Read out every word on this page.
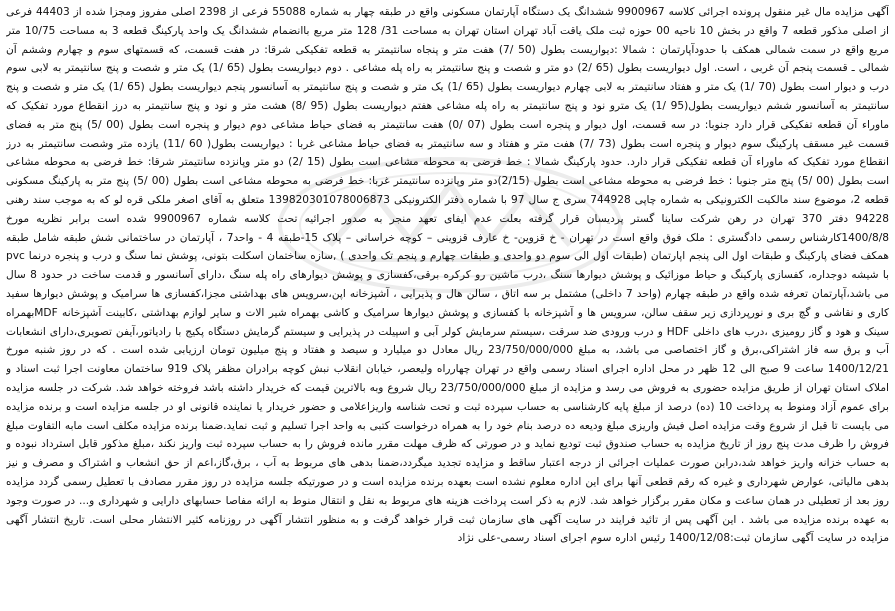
آگهی مزایده مال غیر منقول پرونده اجرائی کلاسه 9900967 ششدانگ یک دستگاه آپارتمان مسکونی واقع در طبقه چهار به شماره 55088 فرعی از 2398 اصلی مفروز ومجزا شده از 44403 فرعی از اصلی مذکور قطعه 7 واقع در بخش 10 ناحیه 00 حوزه ثبت ملک یاقت آباد تهران استان تهران به مساحت 31/ 128 متر مربع باانضمام ششدانگ یک واحد پارکینگ قطعه 3 به مساحت 10/75 متر مربع واقع در سمت شمالی همکف با حدودآپارتمان : شمالا :دیواریست بطول (50 /7) هفت متر و پنجاه سانتیمتر به قطعه تفکیکی شرقا: در هفت قسمت، که قسمتهای سوم و چهارم وششم آن شمالی ـ قسمت پنجم آن غربی ، است. اول دیواریست بطول (65 /2) دو متر و شصت و پنج سانتیمتر به راه پله مشاعی . دوم دیواریست بطول (65 /1) یک متر و شصت و پنج سانتیمتر به لابی سوم درب و دیوار است بطول (70 /1) یک متر و هفتاد سانتیمتر به لابی چهارم دیواریست بطول (65 /1) یک متر و شصت و پنج سانتیمتر به آسانسور پنجم دیواریست بطول (65 /1) یک متر و شصت و پنج سانتیمتر به آسانسور ششم دیواریست بطول(95 /1) یک مترو نود و پنج سانتیمتر به راه پله مشاعی هفتم دیواریست بطول (95 /8) هشت متر و نود و پنج سانتیمتر به درز انقطاع مورد تفکیک که ماوراء آن قطعه تفکیکی قرار دارد جنوبا: در سه قسمت، اول دیوار و پنجره است بطول (07 /0) هفت سانتیمتر به فضای حیاط مشاعی دوم دیوار و پنجره است بطول (00 /5) پنج متر به فضای قسمت غیر مسقف پارکینگ سوم دیوار و پنجره است بطول (73 /7) هفت متر و هفتاد و سه سانتیمتر به فضای حیاط مشاعی غربا : دیواریست بطول( 60 /11) یازده متر وشصت سانتیمتر به درز انقطاع مورد تفکیک که ماوراء آن قطعه تفکیکی قرار دارد. حدود پارکینگ شمالا : خط فرضی به محوطه مشاعی است بطول (15 /2) دو متر وپانزده سانتیمتر شرقا: خط فرضی به محوطه مشاعی است بطول (00 /5) پنج متر جنوبا : خط فرضی به محوطه مشاعی است بطول (2/15)دو متر وپانزده سانتیمتر غربا: خط فرضی به محوطه مشاعی است بطول (00 /5) پنج متر به پارکینگ مسکونی قطعه 2، موضوع سند مالکیت الکترونیکی به شماره چاپی 744928 سری ج سال 97 با شماره دفتر الکترونیکی 139820301078006873 متعلق به آقای اصغر ملکی قره لو که به موجب سند رهنی 94228 دفتر 370 تهران در رهن شرکت ساینا گستر پردیسان قرار گرفته بعلت عدم ایفای تعهد منجر به صدور اجرائیه تحت کلاسه شماره 9900967 شده است برابر نظریه مورخ 1400/8/8کارشناس رسمی دادگستری : ملک فوق واقع است در تهران - خ قزوین- خ عارف قزوینی – کوچه خراسانی – پلاک 15-طبقه 4 - واحد7 ، آپارتمان در ساختمانی شش طبقه شامل طبقه همکف فضای پارکینگ و طبقات اول الی پنجم اپارتمان (طبقات اول الی سوم دو واحدی و طبقات چهارم و پنجم تک واحدی ) ,سازه ساختمان اسکلت بتونی، پوشش نما سنگ و درب و پنجره درنما pvc با شیشه دوجداره، کفسازی پارکینگ و حیاط موزائیک و پوشش دیوارها سنگ ،درب ماشین رو کرکره برقی،کفسازی و پوشش دیوارهای راه پله سنگ ،دارای آسانسور و قدمت ساخت در حدود 8 سال می باشد،آپارتمان تعرفه شده واقع در طبقه چهارم (واحد 7 داخلی) مشتمل بر سه اتاق ، سالن هال و پذیرایی ، آشپزخانه اپن،سرویس های بهداشتی مجزا،کفسازی ها سرامیک و پوشش دیوارها سفید کاری و نقاشی و گچ بری و نورپردازی زیر سقف سالن، سرویس ها و آشپزخانه با کفسازی و پوشش دیوارها سرامیک و کاشی بهمراه شیر الات و سایر لوازم بهداشتی ،کابینت آشپزخانه MDFبهمراه سینک و هود و گاز رومیزی ،درب های داخلی HDF و درب ورودی ضد سرقت ،سیستم سرمایش کولر آبی و اسپیلت در پذیرایی و سیستم گرمایش دستگاه پکیج با رادیاتور،آیفن تصویری،دارای انشعابات آب و برق سه فاز اشتراکی،برق و گاز اختصاصی می باشد، به مبلغ 23/750/000/000 ریال معادل دو میلیارد و سیصد و هفتاد و پنج میلیون تومان ارزیابی شده است . که در روز شنبه مورخ 1400/12/21 ساعت 9 صبح الی 12 ظهر در محل اداره اجرای اسناد رسمی واقع در تهران چهارراه ولیعصر، خیابان انقلاب نبش کوچه برادران مظفر پلاک 919 ساختمان معاونت اجرا ثبت اسناد و املاک استان تهران از طریق مزایده حضوری به فروش می رسد و مزایده از مبلغ 23/750/000/000 ریال شروع وبه بالاترین قیمت که خریدار داشته باشد فروخته خواهد شد. شرکت در جلسه مزایده برای عموم آزاد ومنوط به پرداخت 10 (ده) درصد از مبلغ پایه کارشناسی به حساب سپرده ثبت و تحت شناسه واریزاعلامی و حضور خریدار یا نماینده قانونی او در جلسه مزایده است و برنده مزایده می بایست تا قبل از شروع وقت مزایده اصل فیش واریزی مبلغ ودیعه ده درصد بنام خود را به همراه درخواست کتبی به واحد اجرا تسلیم و ثبت نماید.ضمنا برنده مزایده مکلف است مابه التفاوت مبلغ فروش را ظرف مدت پنج روز از تاریخ مزایده به حساب صندوق ثبت تودیع نماید و در صورتی که ظرف مهلت مقرر مانده فروش را به حساب سپرده ثبت واریز نکند ،مبلغ مذکور قابل استرداد نبوده و به حساب خزانه واریز خواهد شد،درابن صورت عملیات اجرائی از درجه اعتبار ساقط و مزایده تجدید میگردد،ضمنا بدهی های مربوط به آب ، برق،گاز،اعم از حق انشعاب و اشتراک و مصرف و نیز بدهی مالیاتی، عوارض شهرداری و غیره که رقم قطعی آنها برای این اداره معلوم نشده است بعهده برنده مزایده است و در صورتیکه جلسه مزایده در روز مقرر مصادف با تعطیل رسمی گردد مزایده روز بعد از تعطیلی در همان ساعت و مکان مقرر برگزار خواهد شد. لازم به ذکر است پرداخت هزینه های مربوط به نقل و انتقال منوط به ارائه مفاصا حسابهای دارایی و شهرداری و... در صورت وجود به عهده برنده مزایده می باشد . این آگهی پس از تائید فرایند در سایت آگهی های سازمان ثبت قرار خواهد گرفت و به منظور انتشار آگهی در روزنامه کثیر الانتشار محلی است. تاریخ انتشار آگهی مزایده در سایت آگهی سازمان ثبت:1400/12/08 رئیس اداره سوم اجرای اسناد رسمی-علی نژاد
